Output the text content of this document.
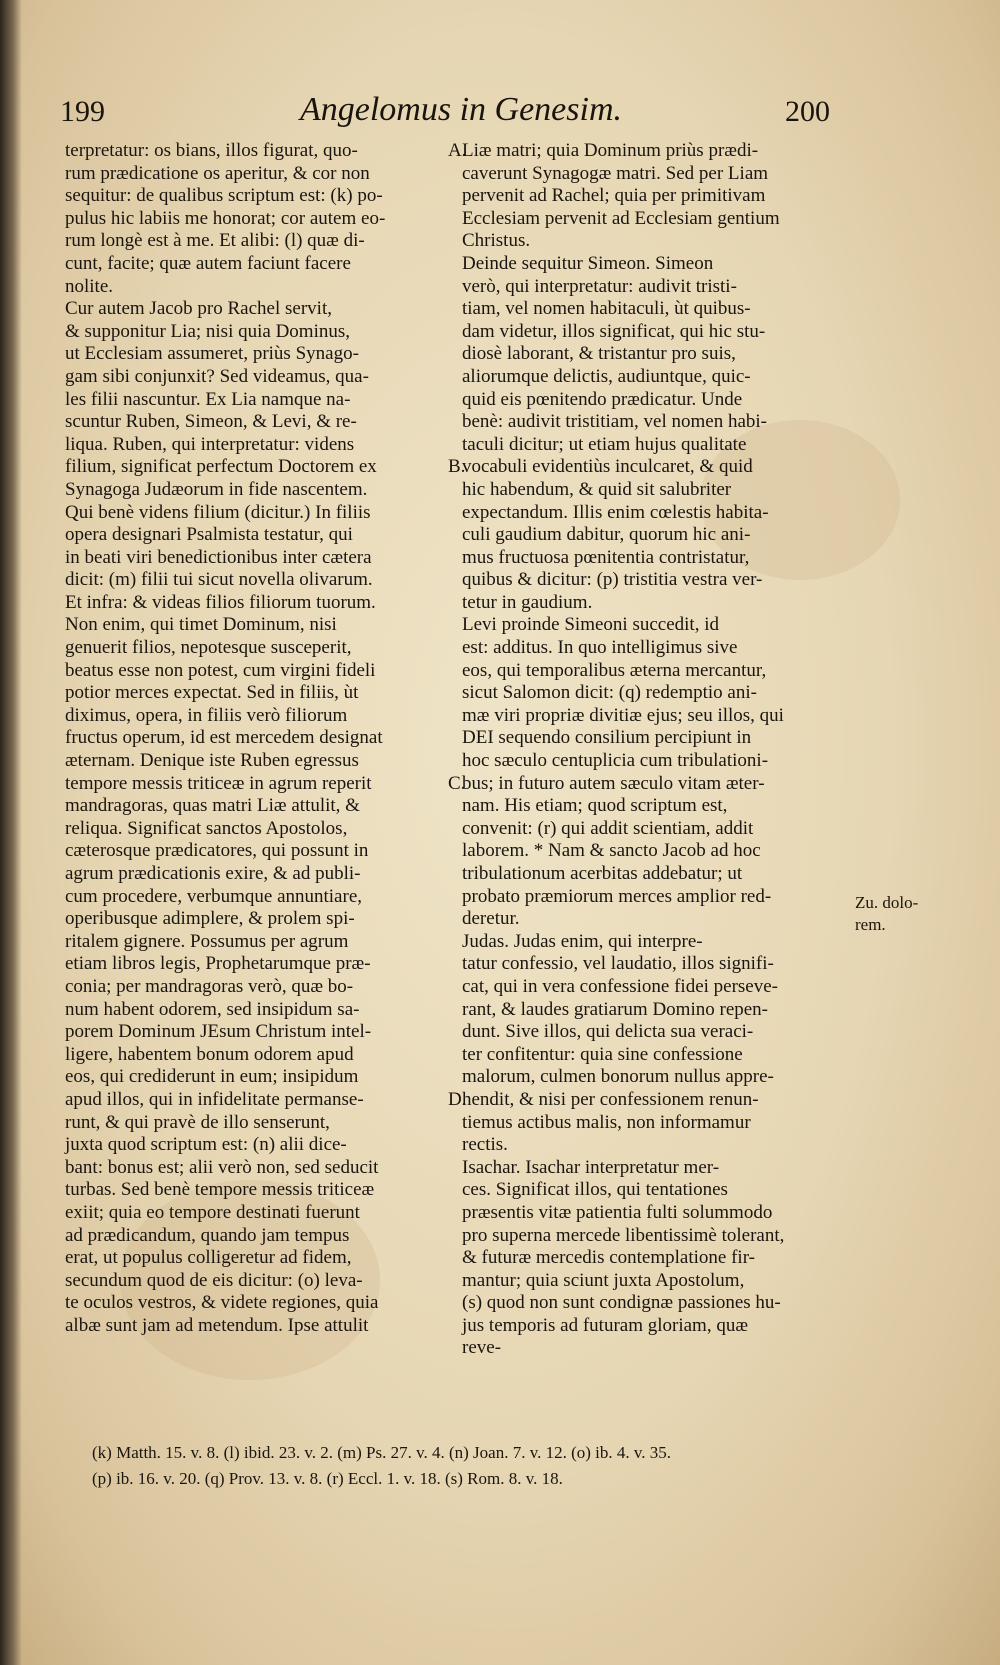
199	Angelomus in Genesim.	200
terpretatur: os bians, illos figurat, quo-
rum prædicatione os aperitur, & cor non
sequitur: de qualibus scriptum est: (k) po-
pulus hic labiis me honorat; cor autem eo-
rum longè est à me. Et alibi: (l) quæ di-
cunt, facite; quæ autem faciunt facere
nolite.
Cur autem Jacob pro Rachel servit,
& supponitur Lia; nisi quia Dominus,
ut Ecclesiam assumeret, priùs Synago-
gam sibi conjunxit? Sed videamus, qua-
les filii nascuntur. Ex Lia namque na-
scuntur Ruben, Simeon, & Levi, & re-
liqua. Ruben, qui interpretatur: videns
filium, significat perfectum Doctorem ex
Synagoga Judæorum in fide nascentem.
Qui benè videns filium (dicitur.) In filiis
opera designari Psalmista testatur, qui
in beati viri benedictionibus inter cætera
dicit: (m) filii tui sicut novella olivarum.
Et infra: & videas filios filiorum tuorum.
Non enim, qui timet Dominum, nisi
genuerit filios, nepotesque susceperit,
beatus esse non potest, cum virgini fideli
potior merces expectat. Sed in filiis, ùt
diximus, opera, in filiis verò filiorum
fructus operum, id est mercedem designat
æternam. Denique iste Ruben egressus
tempore messis triticeæ in agrum reperit
mandragoras, quas matri Liæ attulit, &
reliqua. Significat sanctos Apostolos,
cæterosque prædicatores, qui possunt in
agrum prædicationis exire, & ad publi-
cum procedere, verbumque annuntiare,
operibusque adimplere, & prolem spi-
ritalem gignere. Possumus per agrum
etiam libros legis, Prophetarumque præ-
conia; per mandragoras verò, quæ bo-
num habent odorem, sed insipidum sa-
porem Dominum JEsum Christum intel-
ligere, habentem bonum odorem apud
eos, qui crediderunt in eum; insipidum
apud illos, qui in infidelitate permanse-
runt, & qui pravè de illo senserunt,
juxta quod scriptum est: (n) alii dice-
bant: bonus est; alii verò non, sed seducit
turbas. Sed benè tempore messis triticeæ
exiit; quia eo tempore destinati fuerunt
ad prædicandum, quando jam tempus
erat, ut populus colligeretur ad fidem,
secundum quod de eis dicitur: (o) leva-
te oculos vestros, & videte regiones, quia
albæ sunt jam ad metendum. Ipse attulit
Liæ matri; quia Dominum priùs prædi-
caverunt Synagogæ matri. Sed per Liam
pervenit ad Rachel; quia per primitivam
Ecclesiam pervenit ad Ecclesiam gentium
Christus.
Deinde sequitur Simeon. Simeon
verò, qui interpretatur: audivit tristi-
tiam, vel nomen habitaculi, ùt quibus-
dam videtur, illos significat, qui hic stu-
diosè laborant, & tristantur pro suis,
aliorumque delictis, audiuntque, quic-
quid eis pœnitendo prædicatur. Unde
benè: audivit tristitiam, vel nomen habi-
taculi dicitur; ut etiam hujus qualitate
vocabuli evidentiùs inculcaret, & quid
hic habendum, & quid sit salubriter
expectandum. Illis enim cœlestis habita-
culi gaudium dabitur, quorum hic ani-
mus fructuosa pœnitentia contristatur,
quibus & dicitur: (p) tristitia vestra ver-
tetur in gaudium.
Levi proinde Simeoni succedit, id
est: additus. In quo intelligimus sive
eos, qui temporalibus æterna mercantur,
sicut Salomon dicit: (q) redemptio ani-
mæ viri propriæ divitiæ ejus; seu illos, qui
DEI sequendo consilium percipiunt in
hoc sæculo centuplicia cum tribulationi-
bus; in futuro autem sæculo vitam æter-
nam. His etiam; quod scriptum est,
convenit: (r) qui addit scientiam, addit
laborem. * Nam & sancto Jacob ad hoc
tribulationum acerbitas addebatur; ut
probato præmiorum merces amplior red-
deretur.
Judas. Judas enim, qui interpre-
tatur confessio, vel laudatio, illos signifi-
cat, qui in vera confessione fidei perseve-
rant, & laudes gratiarum Domino repen-
dunt. Sive illos, qui delicta sua veraci-
ter confitentur: quia sine confessione
malorum, culmen bonorum nullus appre-
hendit, & nisi per confessionem renun-
tiemus actibus malis, non informamur
rectis.
Isachar. Isachar interpretatur mer-
ces. Significat illos, qui tentationes
præsentis vitæ patientia fulti solummodo
pro superna mercede libentissimè tolerant,
& futuræ mercedis contemplatione fir-
mantur; quia sciunt juxta Apostolum,
(s) quod non sunt condignæ passiones hu-
jus temporis ad futuram gloriam, quæ
reve-
A.
B.
C.
D.
Zu. dolo-
rem.
(k) Matth. 15. v. 8. (l) ibid. 23. v. 2. (m) Ps. 27. v. 4. (n) Joan. 7. v. 12. (o) ib. 4. v. 35.
(p) ib. 16. v. 20. (q) Prov. 13. v. 8. (r) Eccl. 1. v. 18. (s) Rom. 8. v. 18.
